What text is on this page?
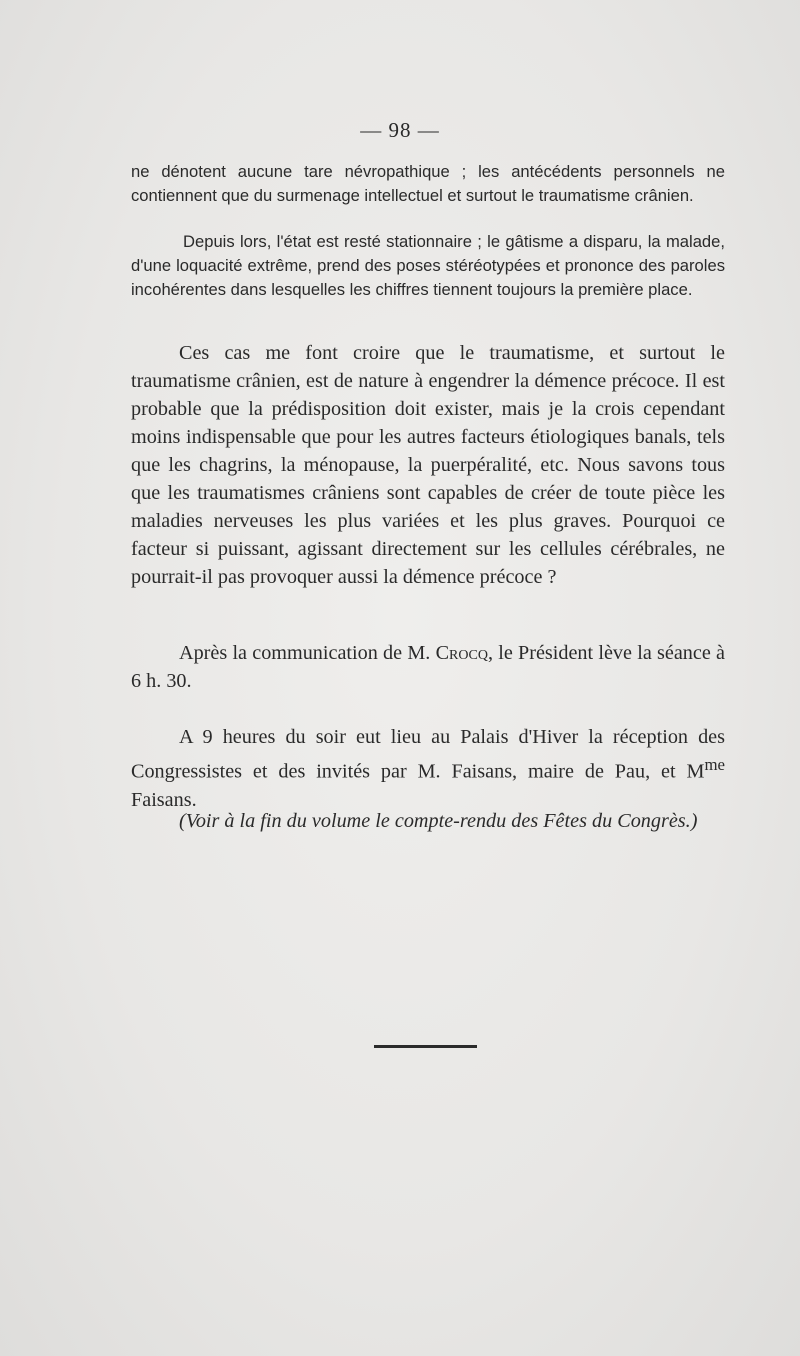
— 98 —

ne dénotent aucune tare névropathique ; les antécédents personnels ne contiennent que du surmenage intellectuel et surtout le traumatisme crânien.

Depuis lors, l'état est resté stationnaire ; le gâtisme a disparu, la malade, d'une loquacité extrême, prend des poses stéréotypées et prononce des paroles incohérentes dans lesquelles les chiffres tiennent toujours la première place.

Ces cas me font croire que le traumatisme, et surtout le traumatisme crânien, est de nature à engendrer la démence précoce. Il est probable que la prédisposition doit exister, mais je la crois cependant moins indispensable que pour les autres facteurs étiologiques banals, tels que les chagrins, la ménopause, la puerpéralité, etc. Nous savons tous que les traumatismes crâniens sont capables de créer de toute pièce les maladies nerveuses les plus variées et les plus graves. Pourquoi ce facteur si puissant, agissant directement sur les cellules cérébrales, ne pourrait-il pas provoquer aussi la démence précoce ?

Après la communication de M. Crocq, le Président lève la séance à 6 h. 30.

A 9 heures du soir eut lieu au Palais d'Hiver la réception des Congressistes et des invités par M. Faisans, maire de Pau, et $M^{me}$ Faisans.

(Voir à la fin du volume le compte-rendu des Fêtes du Congrès.)
